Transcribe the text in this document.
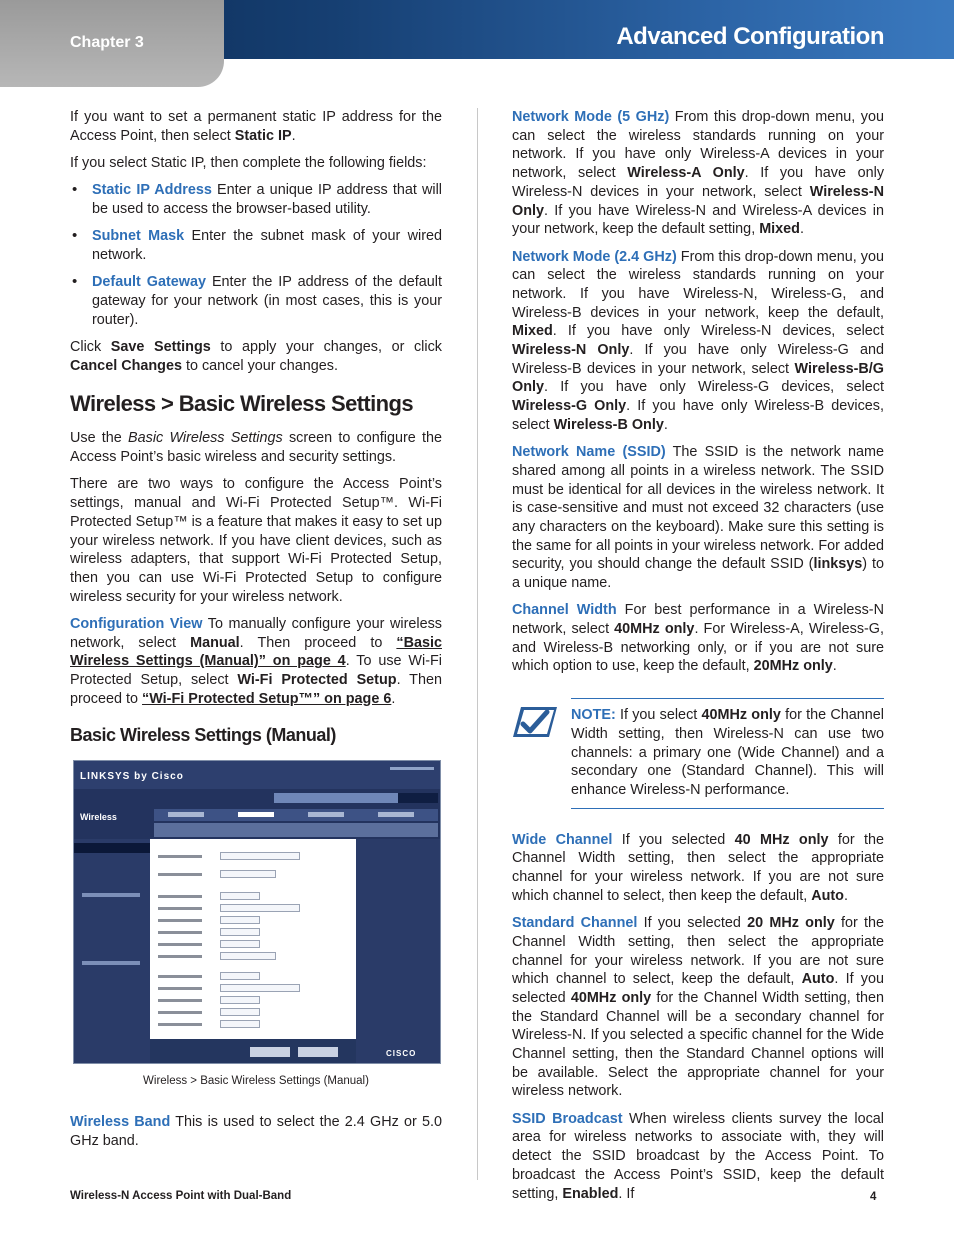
Chapter 3	Advanced Configuration

If you want to set a permanent static IP address for the Access Point, then select Static IP.

If you select Static IP, then complete the following fields:

• Static IP Address Enter a unique IP address that will be used to access the browser-based utility.
• Subnet Mask Enter the subnet mask of your wired network.
• Default Gateway Enter the IP address of the default gateway for your network (in most cases, this is your router).

Click Save Settings to apply your changes, or click Cancel Changes to cancel your changes.

Wireless > Basic Wireless Settings

Use the Basic Wireless Settings screen to configure the Access Point’s basic wireless and security settings.

There are two ways to configure the Access Point’s settings, manual and Wi-Fi Protected Setup™. Wi-Fi Protected Setup™ is a feature that makes it easy to set up your wireless network. If you have client devices, such as wireless adapters, that support Wi-Fi Protected Setup, then you can use Wi-Fi Protected Setup to configure wireless security for your wireless network.

Configuration View To manually configure your wireless network, select Manual. Then proceed to “Basic Wireless Settings (Manual)” on page 4. To use Wi-Fi Protected Setup, select Wi-Fi Protected Setup. Then proceed to “Wi-Fi Protected Setup™” on page 6.

Basic Wireless Settings (Manual)
LINKSYS by Cisco
Wireless
CISCO
Wireless > Basic Wireless Settings (Manual)

Wireless Band This is used to select the 2.4 GHz or 5.0 GHz band.

Network Mode (5 GHz) From this drop-down menu, you can select the wireless standards running on your network. If you have only Wireless-A devices in your network, select Wireless-A Only. If you have only Wireless-N devices in your network, select Wireless-N Only. If you have Wireless-N and Wireless-A devices in your network, keep the default setting, Mixed.

Network Mode (2.4 GHz) From this drop-down menu, you can select the wireless standards running on your network. If you have Wireless-N, Wireless-G, and Wireless-B devices in your network, keep the default, Mixed. If you have only Wireless-N devices, select Wireless-N Only. If you have only Wireless-G and Wireless-B devices in your network, select Wireless-B/G Only. If you have only Wireless-G devices, select Wireless-G Only. If you have only Wireless-B devices, select Wireless-B Only.

Network Name (SSID) The SSID is the network name shared among all points in a wireless network. The SSID must be identical for all devices in the wireless network. It is case-sensitive and must not exceed 32 characters (use any characters on the keyboard). Make sure this setting is the same for all points in your wireless network. For added security, you should change the default SSID (linksys) to a unique name.

Channel Width For best performance in a Wireless-N network, select 40MHz only. For Wireless-A, Wireless-G, and Wireless-B networking only, or if you are not sure which option to use, keep the default, 20MHz only.

NOTE: If you select 40MHz only for the Channel Width setting, then Wireless-N can use two channels: a primary one (Wide Channel) and a secondary one (Standard Channel). This will enhance Wireless-N performance.

Wide Channel If you selected 40 MHz only for the Channel Width setting, then select the appropriate channel for your wireless network. If you are not sure which channel to select, then keep the default, Auto.

Standard Channel If you selected 20 MHz only for the Channel Width setting, then select the appropriate channel for your wireless network. If you are not sure which channel to select, keep the default, Auto. If you selected 40MHz only for the Channel Width setting, then the Standard Channel will be a secondary channel for Wireless-N. If you selected a specific channel for the Wide Channel setting, then the Standard Channel options will be available. Select the appropriate channel for your wireless network.

SSID Broadcast When wireless clients survey the local area for wireless networks to associate with, they will detect the SSID broadcast by the Access Point. To broadcast the Access Point’s SSID, keep the default setting, Enabled. If

Wireless-N Access Point with Dual-Band	4
